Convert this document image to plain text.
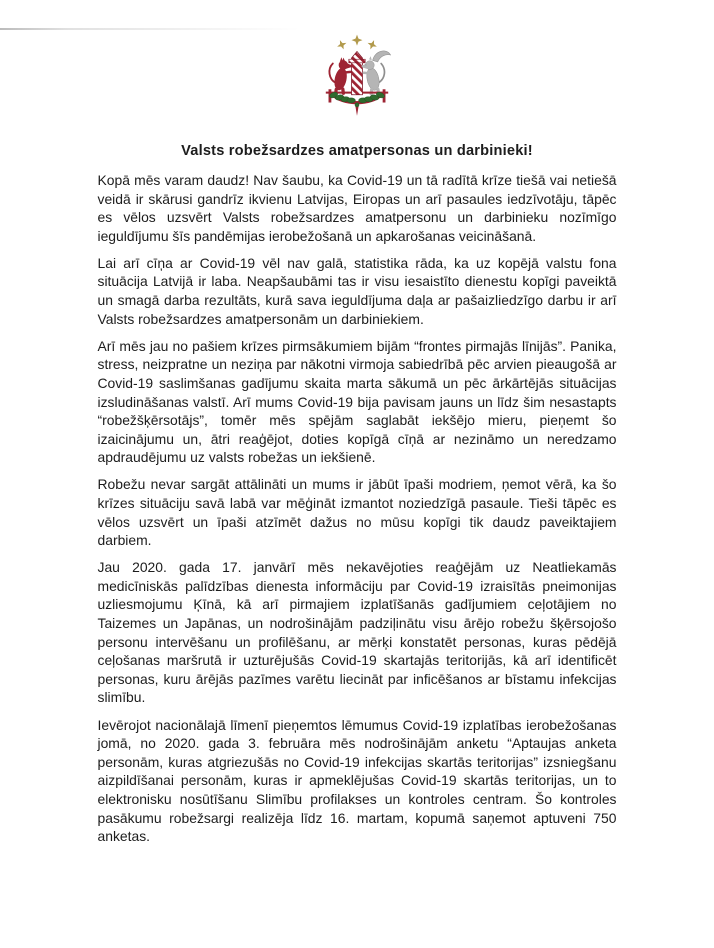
Valsts robežsardzes amatpersonas un darbinieki!

Kopā mēs varam daudz! Nav šaubu, ka Covid-19 un tā radītā krīze tiešā vai netiešā veidā ir skārusi gandrīz ikvienu Latvijas, Eiropas un arī pasaules iedzīvotāju, tāpēc es vēlos uzsvērt Valsts robežsardzes amatpersonu un darbinieku nozīmīgo ieguldījumu šīs pandēmijas ierobežošanā un apkarošanas veicināšanā.

Lai arī cīņa ar Covid-19 vēl nav galā, statistika rāda, ka uz kopējā valstu fona situācija Latvijā ir laba. Neapšaubāmi tas ir visu iesaistīto dienestu kopīgi paveiktā un smagā darba rezultāts, kurā sava ieguldījuma daļa ar pašaizliedzīgo darbu ir arī Valsts robežsardzes amatpersonām un darbiniekiem.

Arī mēs jau no pašiem krīzes pirmsākumiem bijām “frontes pirmajās līnijās”. Panika, stress, neizpratne un neziņa par nākotni virmoja sabiedrībā pēc arvien pieaugošā ar Covid-19 saslimšanas gadījumu skaita marta sākumā un pēc ārkārtējās situācijas izsludināšanas valstī. Arī mums Covid-19 bija pavisam jauns un līdz šim nesastapts “robežšķērsotājs”, tomēr mēs spējām saglabāt iekšējo mieru, pieņemt šo izaicinājumu un, ātri reaģējot, doties kopīgā cīņā ar nezināmo un neredzamo apdraudējumu uz valsts robežas un iekšienē.

Robežu nevar sargāt attālināti un mums ir jābūt īpaši modriem, ņemot vērā, ka šo krīzes situāciju savā labā var mēģināt izmantot noziedzīgā pasaule. Tieši tāpēc es vēlos uzsvērt un īpaši atzīmēt dažus no mūsu kopīgi tik daudz paveiktajiem darbiem.

Jau 2020. gada 17. janvārī mēs nekavējoties reaģējām uz Neatliekamās medicīniskās palīdzības dienesta informāciju par Covid-19 izraisītās pneimonijas uzliesmojumu Ķīnā, kā arī pirmajiem izplatīšanās gadījumiem ceļotājiem no Taizemes un Japānas, un nodrošinājām padziļinātu visu ārējo robežu šķērsojošo personu intervēšanu un profilēšanu, ar mērķi konstatēt personas, kuras pēdējā ceļošanas maršrutā ir uzturējušās Covid-19 skartajās teritorijās, kā arī identificēt personas, kuru ārējās pazīmes varētu liecināt par inficēšanos ar bīstamu infekcijas slimību.

Ievērojot nacionālajā līmenī pieņemtos lēmumus Covid-19 izplatības ierobežošanas jomā, no 2020. gada 3. februāra mēs nodrošinājām anketu “Aptaujas anketa personām, kuras atgriezušās no Covid-19 infekcijas skartās teritorijas” izsniegšanu aizpildīšanai personām, kuras ir apmeklējušas Covid-19 skartās teritorijas, un to elektronisku nosūtīšanu Slimību profilakses un kontroles centram. Šo kontroles pasākumu robežsargi realizēja līdz 16. martam, kopumā saņemot aptuveni 750 anketas.
